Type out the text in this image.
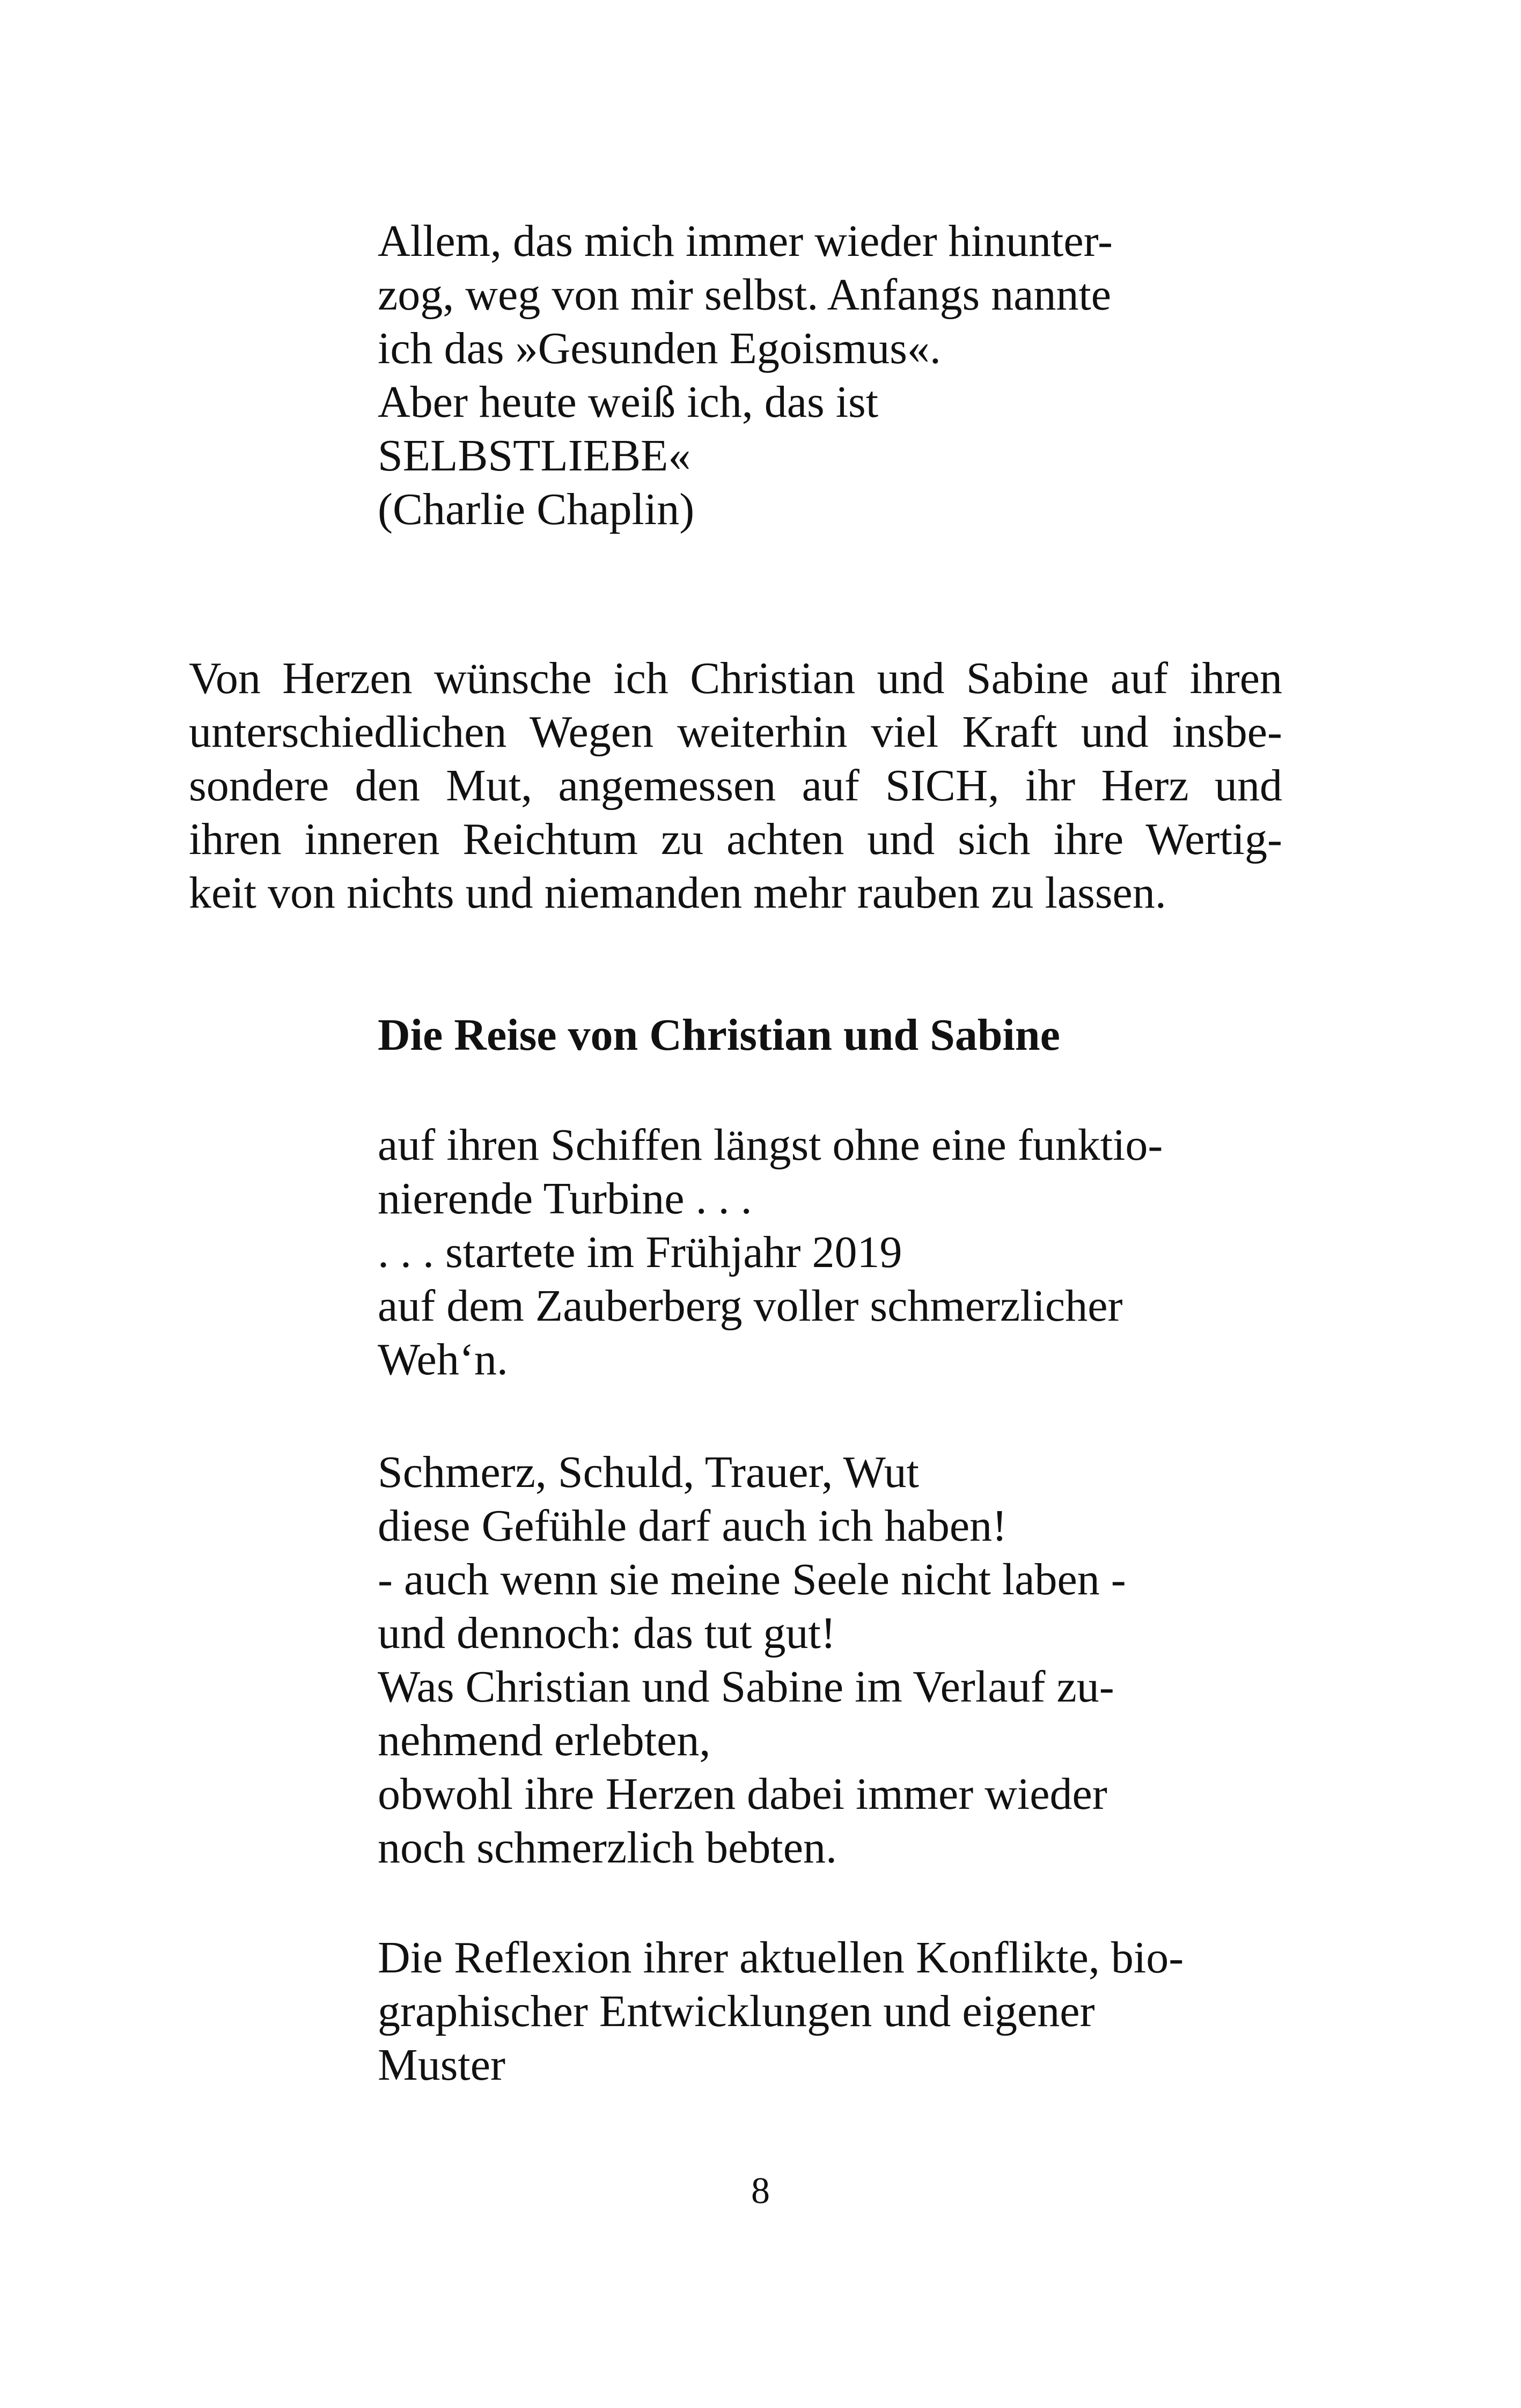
Allem, das mich immer wieder hinunter-
zog, weg von mir selbst. Anfangs nannte
ich das »Gesunden Egoismus«.
Aber heute weiß ich, das ist
SELBSTLIEBE«
(Charlie Chaplin)
Von Herzen wünsche ich Christian und Sabine auf ihren
unterschiedlichen Wegen weiterhin viel Kraft und insbe-
sondere den Mut, angemessen auf SICH, ihr Herz und
ihren inneren Reichtum zu achten und sich ihre Wertig-
keit von nichts und niemanden mehr rauben zu lassen.
Die Reise von Christian und Sabine
auf ihren Schiffen längst ohne eine funktio-
nierende Turbine . . .
. . . startete im Frühjahr 2019
auf dem Zauberberg voller schmerzlicher
Weh‘n.
Schmerz, Schuld, Trauer, Wut
diese Gefühle darf auch ich haben!
- auch wenn sie meine Seele nicht laben -
und dennoch: das tut gut!
Was Christian und Sabine im Verlauf zu-
nehmend erlebten,
obwohl ihre Herzen dabei immer wieder
noch schmerzlich bebten.
Die Reflexion ihrer aktuellen Konflikte, bio-
graphischer Entwicklungen und eigener
Muster
8
